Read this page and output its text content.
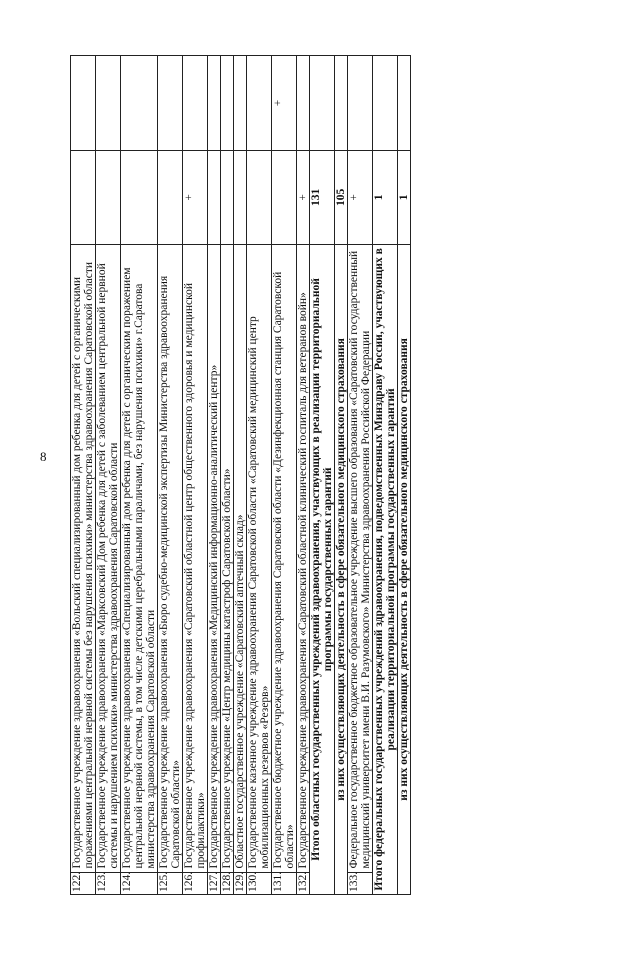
8
122.	Государственное учреждение здравоохранения «Вольский специализированный дом ребенка для детей с органическими поражениями центральной нервной системы без нарушения психики» министерства здравоохранения Саратовской области		
123.	Государственное учреждение здравоохранения «Марксовский Дом ребенка для детей с заболеванием центральной нервной системы и нарушением психики» министерства здравоохранения Саратовской области		
124.	Государственное учреждение здравоохранения «Специализированный дом ребенка для детей с органическим поражением центральной нервной системы, в том числе детскими церебральными параличами, без нарушения психики» г.Саратова министерства здравоохранения Саратовской области		
125.	Государственное учреждение здравоохранения «Бюро судебно-медицинской экспертизы Министерства здравоохранения Саратовской области»		
126.	Государственное учреждение здравоохранения «Саратовский областной центр общественного здоровья и медицинской профилактики»	+	
127.	Государственное учреждение здравоохранения «Медицинский информационно-аналитический центр»		
128.	Государственное учреждение «Центр медицины катастроф Саратовской области»		
129.	Областное государственное учреждение «Саратовский аптечный склад»		
130.	Государственное казенное учреждение здравоохранения Саратовской области «Саратовский медицинский центр мобилизационных резервов «Резерв»		
131.	Государственное бюджетное учреждение здравоохранения Саратовской области «Дезинфекционная станция Саратовской области»		+
132.	Государственное учреждение здравоохранения «Саратовский областной клинический госпиталь для ветеранов войн»	+	
Итого областных государственных учреждений здравоохранения, участвующих в реализации территориальной программы государственных гарантий		131	
из них осуществляющих деятельность в сфере обязательного медицинского страхования		105	
133.	Федеральное государственное бюджетное образовательное учреждение высшего образования «Саратовский государственный медицинский университет имени В.И. Разумовского» Министерства здравоохранения Российской Федерации	+	
Итого федеральных государственных учреждений здравоохранения, подведомственных Минздраву России, участвующих в реализации территориальной программы государственных гарантий		1	
из них осуществляющих деятельность в сфере обязательного медицинского страхования		1	
